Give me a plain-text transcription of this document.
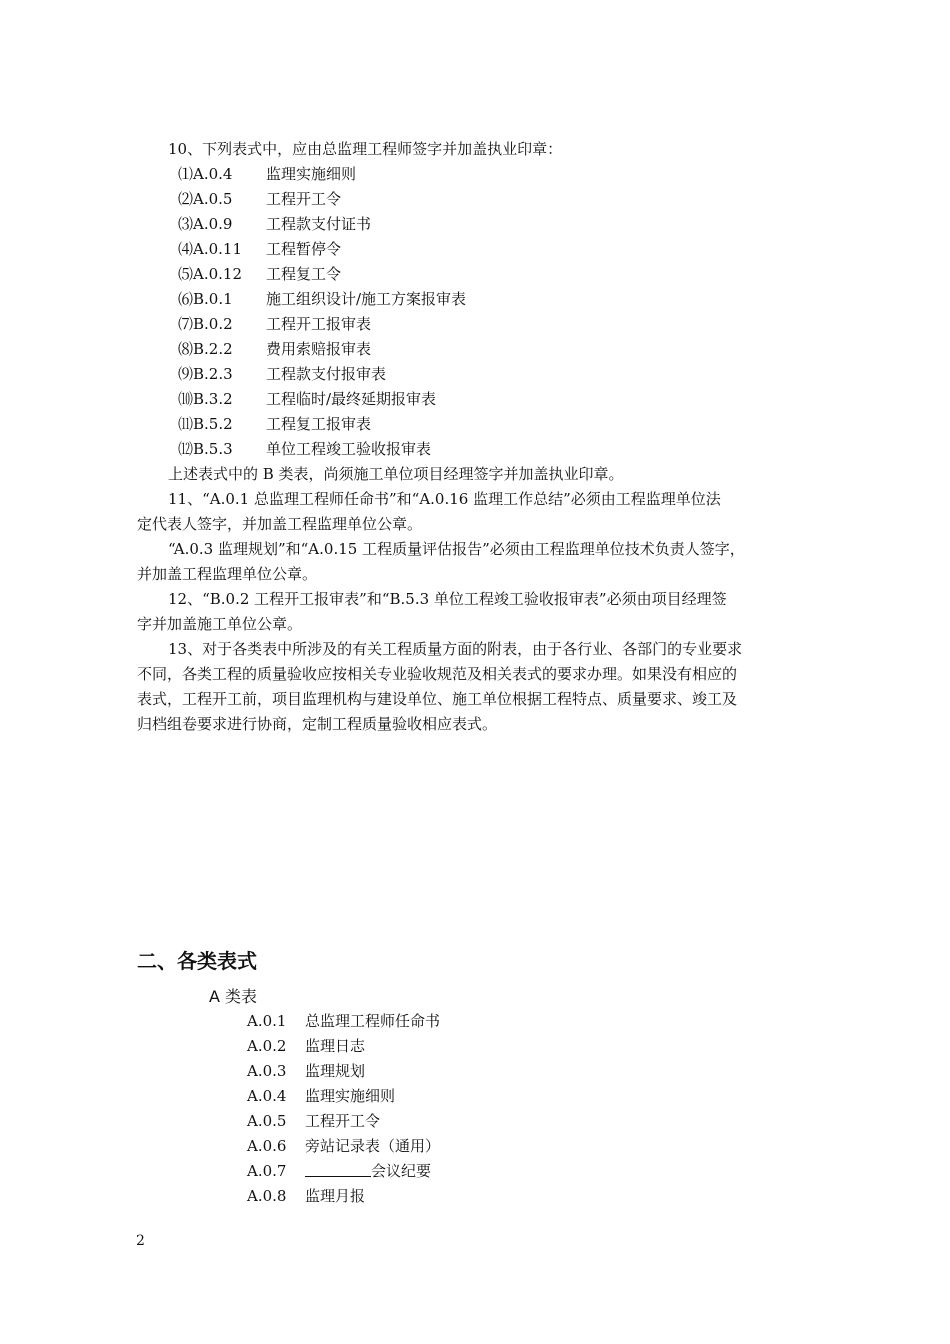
10、下列表式中，应由总监理工程师签字并加盖执业印章：
⑴A.0.4 监理实施细则
⑵A.0.5 工程开工令
⑶A.0.9 工程款支付证书
⑷A.0.11 工程暂停令
⑸A.0.12 工程复工令
⑹B.0.1 施工组织设计/施工方案报审表
⑺B.0.2 工程开工报审表
⑻B.2.2 费用索赔报审表
⑼B.2.3 工程款支付报审表
⑽B.3.2 工程临时/最终延期报审表
⑾B.5.2 工程复工报审表
⑿B.5.3 单位工程竣工验收报审表
上述表式中的 B 类表，尚须施工单位项目经理签字并加盖执业印章。
11、“A.0.1 总监理工程师任命书”和“A.0.16 监理工作总结”必须由工程监理单位法
定代表人签字，并加盖工程监理单位公章。
“A.0.3 监理规划”和“A.0.15 工程质量评估报告”必须由工程监理单位技术负责人签字，
并加盖工程监理单位公章。
12、“B.0.2 工程开工报审表”和“B.5.3 单位工程竣工验收报审表”必须由项目经理签
字并加盖施工单位公章。
13、对于各类表中所涉及的有关工程质量方面的附表，由于各行业、各部门的专业要求
不同，各类工程的质量验收应按相关专业验收规范及相关表式的要求办理。如果没有相应的
表式，工程开工前，项目监理机构与建设单位、施工单位根据工程特点、质量要求、竣工及
归档组卷要求进行协商，定制工程质量验收相应表式。
二、各类表式
A 类表
A.0.1 总监理工程师任命书
A.0.2 监理日志
A.0.3 监理规划
A.0.4 监理实施细则
A.0.5 工程开工令
A.0.6 旁站记录表（通用）
A.0.7	会议纪要
A.0.8 监理月报
2
